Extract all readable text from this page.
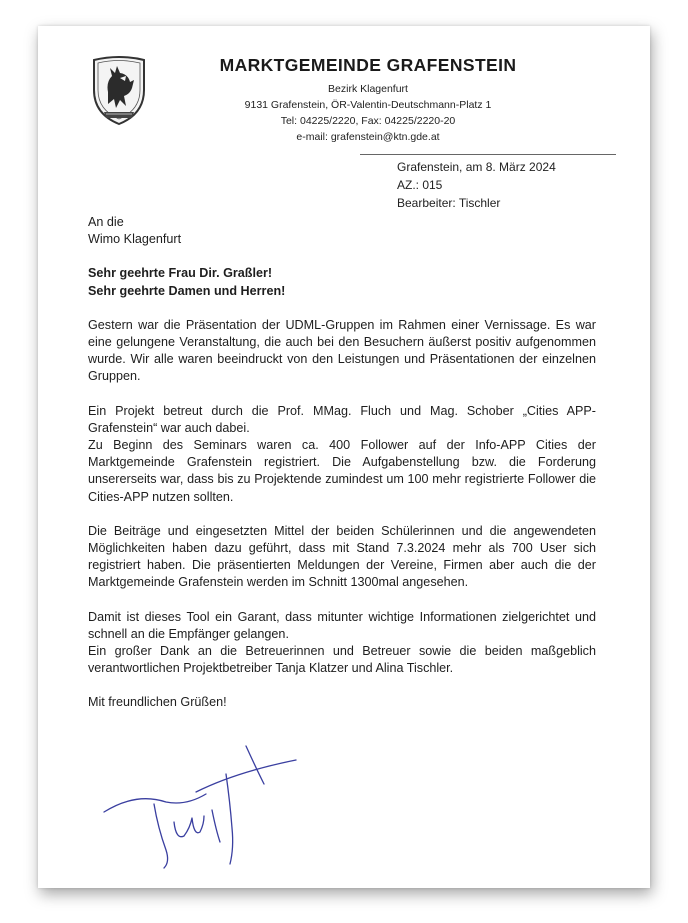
MARKTGEMEINDE GRAFENSTEIN
Bezirk Klagenfurt
9131 Grafenstein, ÖR-Valentin-Deutschmann-Platz 1
Tel: 04225/2220, Fax: 04225/2220-20
e-mail: grafenstein@ktn.gde.at
Grafenstein, am 8. März 2024
AZ.: 015
Bearbeiter: Tischler

An die

Wimo Klagenfurt

Sehr geehrte Frau Dir. Graßler!

Sehr geehrte Damen und Herren!

Gestern war die Präsentation der UDML-Gruppen im Rahmen einer Vernissage. Es war eine gelungene Veranstaltung, die auch bei den Besuchern äußerst positiv aufgenommen wurde. Wir alle waren beeindruckt von den Leistungen und Präsentationen der einzelnen Gruppen.

Ein Projekt betreut durch die Prof. MMag. Fluch und Mag. Schober „Cities APP-Grafenstein“ war auch dabei.

Zu Beginn des Seminars waren ca. 400 Follower auf der Info-APP Cities der Marktgemeinde Grafenstein registriert. Die Aufgabenstellung bzw. die Forderung unsererseits war, dass bis zu Projektende zumindest um 100 mehr registrierte Follower die Cities-APP nutzen sollten.

Die Beiträge und eingesetzten Mittel der beiden Schülerinnen und die angewendeten Möglichkeiten haben dazu geführt, dass mit Stand 7.3.2024 mehr als 700 User sich registriert haben. Die präsentierten Meldungen der Vereine, Firmen aber auch die der Marktgemeinde Grafenstein werden im Schnitt 1300mal angesehen.

Damit ist dieses Tool ein Garant, dass mitunter wichtige Informationen zielgerichtet und schnell an die Empfänger gelangen.

Ein großer Dank an die Betreuerinnen und Betreuer sowie die beiden maßgeblich verantwortlichen Projektbetreiber Tanja Klatzer und Alina Tischler.

Mit freundlichen Grüßen!
